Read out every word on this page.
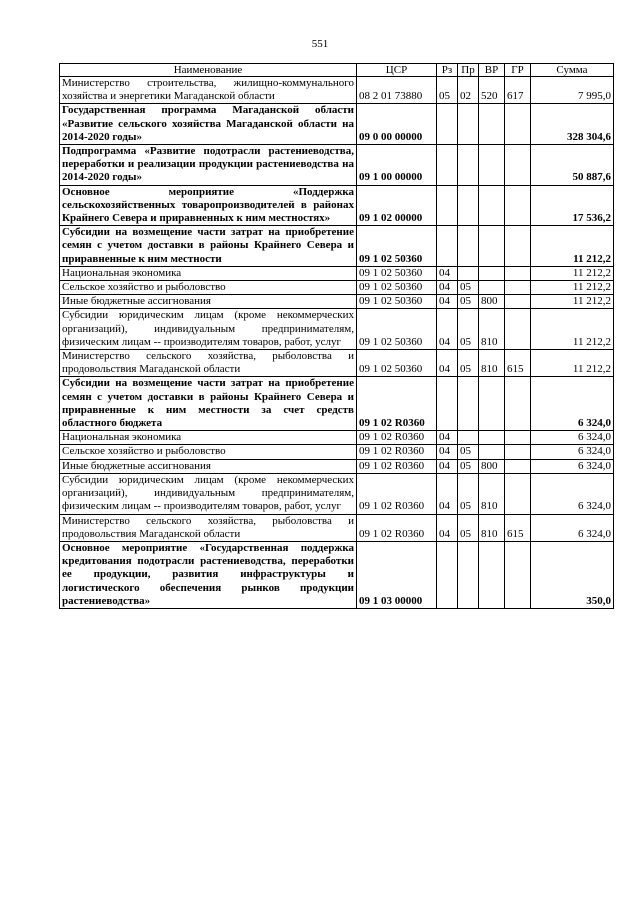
551
Наименование	ЦСР	Рз	Пр	ВР	ГР	Сумма
Министерство строительства, жилищно-коммунального хозяйства и энергетики Магаданской области	08 2 01 73880	05	02	520	617	7 995,0
Государственная программа Магаданской области «Развитие сельского хозяйства Магаданской области на 2014-2020 годы»	09 0 00 00000					328 304,6
Подпрограмма «Развитие подотрасли растениеводства, переработки и реализации продукции растениеводства на 2014-2020 годы»	09 1 00 00000					50 887,6
Основное мероприятие «Поддержка сельскохозяйственных товаропроизводителей в районах Крайнего Севера и приравненных к ним местностях»	09 1 02 00000					17 536,2
Субсидии на возмещение части затрат на приобретение семян с учетом доставки в районы Крайнего Севера и приравненные к ним местности	09 1 02 50360					11 212,2
Национальная экономика	09 1 02 50360	04				11 212,2
Сельское хозяйство и рыболовство	09 1 02 50360	04	05			11 212,2
Иные бюджетные ассигнования	09 1 02 50360	04	05	800		11 212,2
Субсидии юридическим лицам (кроме некоммерческих организаций), индивидуальным предпринимателям, физическим лицам -- производителям товаров, работ, услуг	09 1 02 50360	04	05	810		11 212,2
Министерство сельского хозяйства, рыболовства и продовольствия Магаданской области	09 1 02 50360	04	05	810	615	11 212,2
Субсидии на возмещение части затрат на приобретение семян с учетом доставки в районы Крайнего Севера и приравненные к ним местности за счет средств областного бюджета	09 1 02 R0360					6 324,0
Национальная экономика	09 1 02 R0360	04				6 324,0
Сельское хозяйство и рыболовство	09 1 02 R0360	04	05			6 324,0
Иные бюджетные ассигнования	09 1 02 R0360	04	05	800		6 324,0
Субсидии юридическим лицам (кроме некоммерческих организаций), индивидуальным предпринимателям, физическим лицам -- производителям товаров, работ, услуг	09 1 02 R0360	04	05	810		6 324,0
Министерство сельского хозяйства, рыболовства и продовольствия Магаданской области	09 1 02 R0360	04	05	810	615	6 324,0
Основное мероприятие «Государственная поддержка кредитования подотрасли растениеводства, переработки ее продукции, развития инфраструктуры и логистического обеспечения рынков продукции растениеводства»	09 1 03 00000					350,0
